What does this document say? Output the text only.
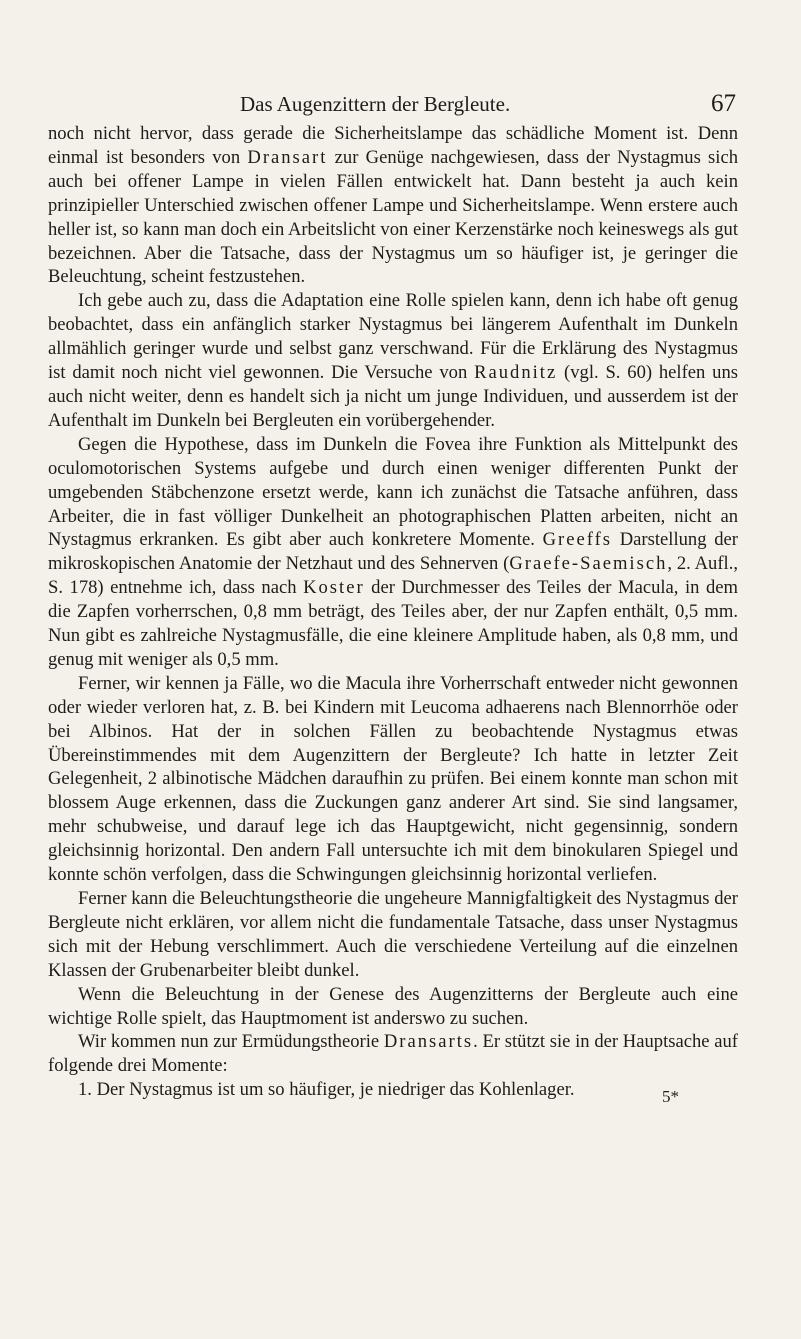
Das Augenzittern der Bergleute.	67

noch nicht hervor, dass gerade die Sicherheitslampe das schädliche Moment ist. Denn einmal ist besonders von Dransart zur Genüge nachgewiesen, dass der Nystagmus sich auch bei offener Lampe in vielen Fällen entwickelt hat. Dann besteht ja auch kein prinzipieller Unterschied zwischen offener Lampe und Sicherheitslampe. Wenn erstere auch heller ist, so kann man doch ein Arbeitslicht von einer Kerzenstärke noch keineswegs als gut bezeichnen. Aber die Tatsache, dass der Nystagmus um so häufiger ist, je geringer die Beleuchtung, scheint festzustehen.

Ich gebe auch zu, dass die Adaptation eine Rolle spielen kann, denn ich habe oft genug beobachtet, dass ein anfänglich starker Nystagmus bei längerem Aufenthalt im Dunkeln allmählich geringer wurde und selbst ganz verschwand. Für die Erklärung des Nystagmus ist damit noch nicht viel gewonnen. Die Versuche von Raudnitz (vgl. S. 60) helfen uns auch nicht weiter, denn es handelt sich ja nicht um junge Individuen, und ausserdem ist der Aufenthalt im Dunkeln bei Bergleuten ein vorübergehender.

Gegen die Hypothese, dass im Dunkeln die Fovea ihre Funktion als Mittelpunkt des oculomotorischen Systems aufgebe und durch einen weniger differenten Punkt der umgebenden Stäbchenzone ersetzt werde, kann ich zunächst die Tatsache anführen, dass Arbeiter, die in fast völliger Dunkelheit an photographischen Platten arbeiten, nicht an Nystagmus erkranken. Es gibt aber auch konkretere Momente. Greeffs Darstellung der mikroskopischen Anatomie der Netzhaut und des Sehnerven (Graefe-Saemisch, 2. Aufl., S. 178) entnehme ich, dass nach Koster der Durchmesser des Teiles der Macula, in dem die Zapfen vorherrschen, 0,8 mm beträgt, des Teiles aber, der nur Zapfen enthält, 0,5 mm. Nun gibt es zahlreiche Nystagmusfälle, die eine kleinere Amplitude haben, als 0,8 mm, und genug mit weniger als 0,5 mm.

Ferner, wir kennen ja Fälle, wo die Macula ihre Vorherrschaft entweder nicht gewonnen oder wieder verloren hat, z. B. bei Kindern mit Leucoma adhaerens nach Blennorrhöe oder bei Albinos. Hat der in solchen Fällen zu beobachtende Nystagmus etwas Übereinstimmendes mit dem Augenzittern der Bergleute? Ich hatte in letzter Zeit Gelegenheit, 2 albinotische Mädchen daraufhin zu prüfen. Bei einem konnte man schon mit blossem Auge erkennen, dass die Zuckungen ganz anderer Art sind. Sie sind langsamer, mehr schubweise, und darauf lege ich das Hauptgewicht, nicht gegensinnig, sondern gleichsinnig horizontal. Den andern Fall untersuchte ich mit dem binokularen Spiegel und konnte schön verfolgen, dass die Schwingungen gleichsinnig horizontal verliefen.

Ferner kann die Beleuchtungstheorie die ungeheure Mannigfaltigkeit des Nystagmus der Bergleute nicht erklären, vor allem nicht die fundamentale Tatsache, dass unser Nystagmus sich mit der Hebung verschlimmert. Auch die verschiedene Verteilung auf die einzelnen Klassen der Grubenarbeiter bleibt dunkel.

Wenn die Beleuchtung in der Genese des Augenzitterns der Bergleute auch eine wichtige Rolle spielt, das Hauptmoment ist anderswo zu suchen.

Wir kommen nun zur Ermüdungstheorie Dransarts. Er stützt sie in der Hauptsache auf folgende drei Momente:

1. Der Nystagmus ist um so häufiger, je niedriger das Kohlenlager.	5*
